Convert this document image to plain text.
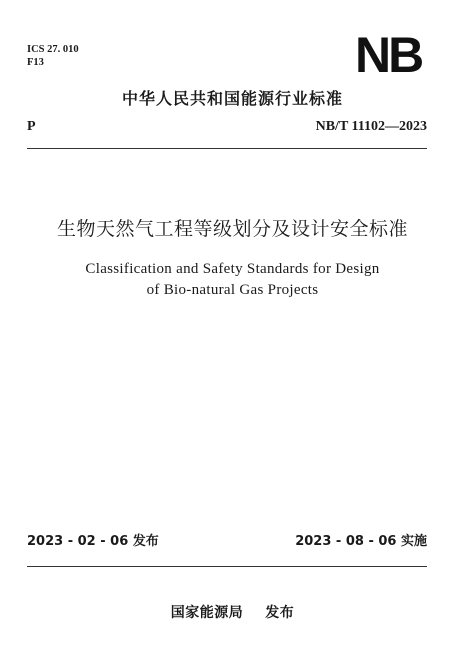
ICS 27. 010
F13	NB
中华人民共和国能源行业标准
P	NB/T 11102—2023
生物天然气工程等级划分及设计安全标准
Classification and Safety Standards for Design
of Bio-natural Gas Projects
2023 - 02 - 06 发布	2023 - 08 - 06 实施
国家能源局 发布
